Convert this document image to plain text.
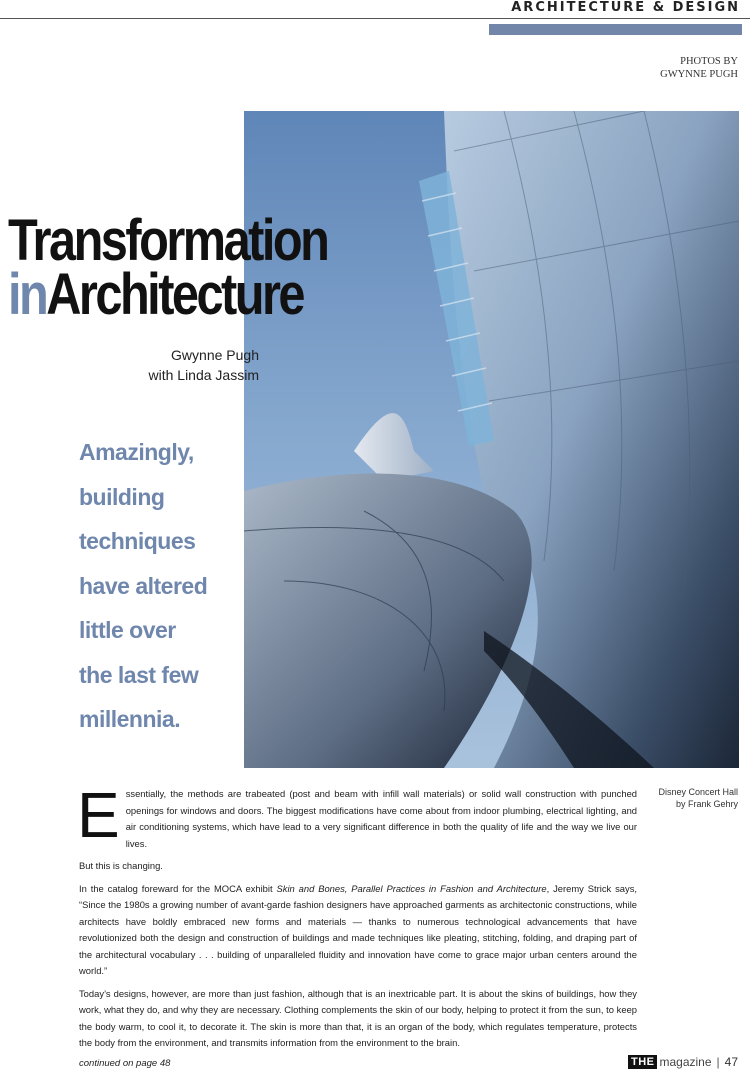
ARCHITECTURE & DESIGN
PHOTOS BY
GWYNNE PUGH
Transformation
inArchitecture
Gwynne Pugh
with Linda Jassim
Amazingly,
building
techniques
have altered
little over
the last few
millennia.
Disney Concert Hall
by Frank Gehry

Essentially, the methods are trabeated (post and beam with infill wall materials) or solid wall construction with punched openings for windows and doors. The biggest modifications have come about from indoor plumbing, electrical lighting, and air conditioning systems, which have lead to a very significant difference in both the quality of life and the way we live our lives.

But this is changing.

In the catalog foreward for the MOCA exhibit Skin and Bones, Parallel Practices in Fashion and Architecture, Jeremy Strick says, “Since the 1980s a growing number of avant-garde fashion designers have approached garments as architectonic constructions, while architects have boldly embraced new forms and materials — thanks to numerous technological advancements that have revolutionized both the design and construction of buildings and made techniques like pleating, stitching, folding, and draping part of the architectural vocabulary . . . building of unparalleled fluidity and innovation have come to grace major urban centers around the world.”

Today’s designs, however, are more than just fashion, although that is an inextricable part. It is about the skins of buildings, how they work, what they do, and why they are necessary. Clothing complements the skin of our body, helping to protect it from the sun, to keep the body warm, to cool it, to decorate it. The skin is more than that, it is an organ of the body, which regulates temperature, protects the body from the environment, and transmits information from the environment to the brain.

continued on page 48	THE magazine | 47
